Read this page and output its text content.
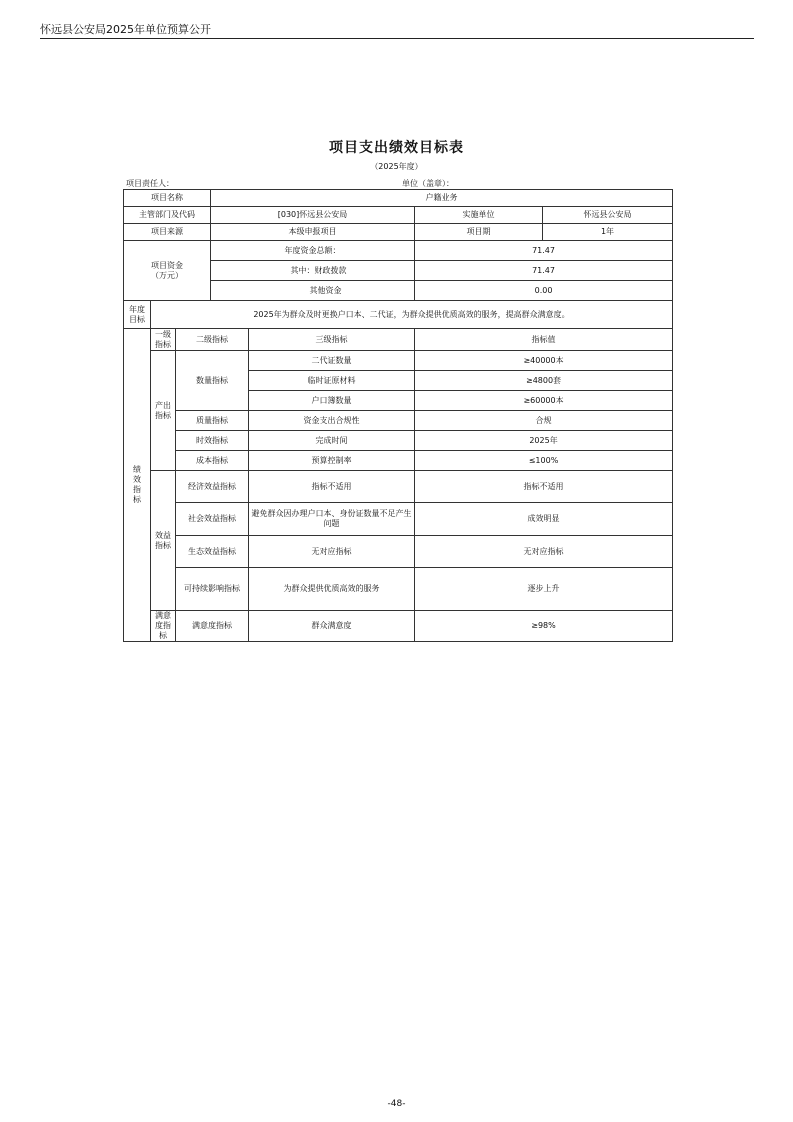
怀远县公安局2025年单位预算公开
项目支出绩效目标表
（2025年度）
项目责任人：	单位（盖章）：
项目名称			户籍业务			
主管部门及代码			[030]怀远县公安局		实施单位	怀远县公安局
项目来源			本级申报项目		项目期	1年

项目资金
（万元）			年度资金总额：		71.47	
			其中：财政拨款		71.47	
			其他资金		0.00	
年度目标	2025年为群众及时更换户口本、二代证，为群众提供优质高效的服务，提高群众满意度。					
绩效指标	一级指标	二级指标		三级指标	指标值	
	产出指标	数量指标		二代证数量	≥40000本	
				临时证原材料	≥4800套	
				户口簿数量	≥60000本	
		质量指标		资金支出合规性	合规	
		时效指标		完成时间	2025年	
		成本指标		预算控制率	≤100%	
	效益指标	经济效益指标		指标不适用	指标不适用	
		社会效益指标		避免群众因办理户口本、身份证数量不足产生问题	成效明显	
		生态效益指标		无对应指标	无对应指标	
		可持续影响指标		为群众提供优质高效的服务	逐步上升	
	满意度指标	满意度指标		群众满意度	≥98%	
-48-
